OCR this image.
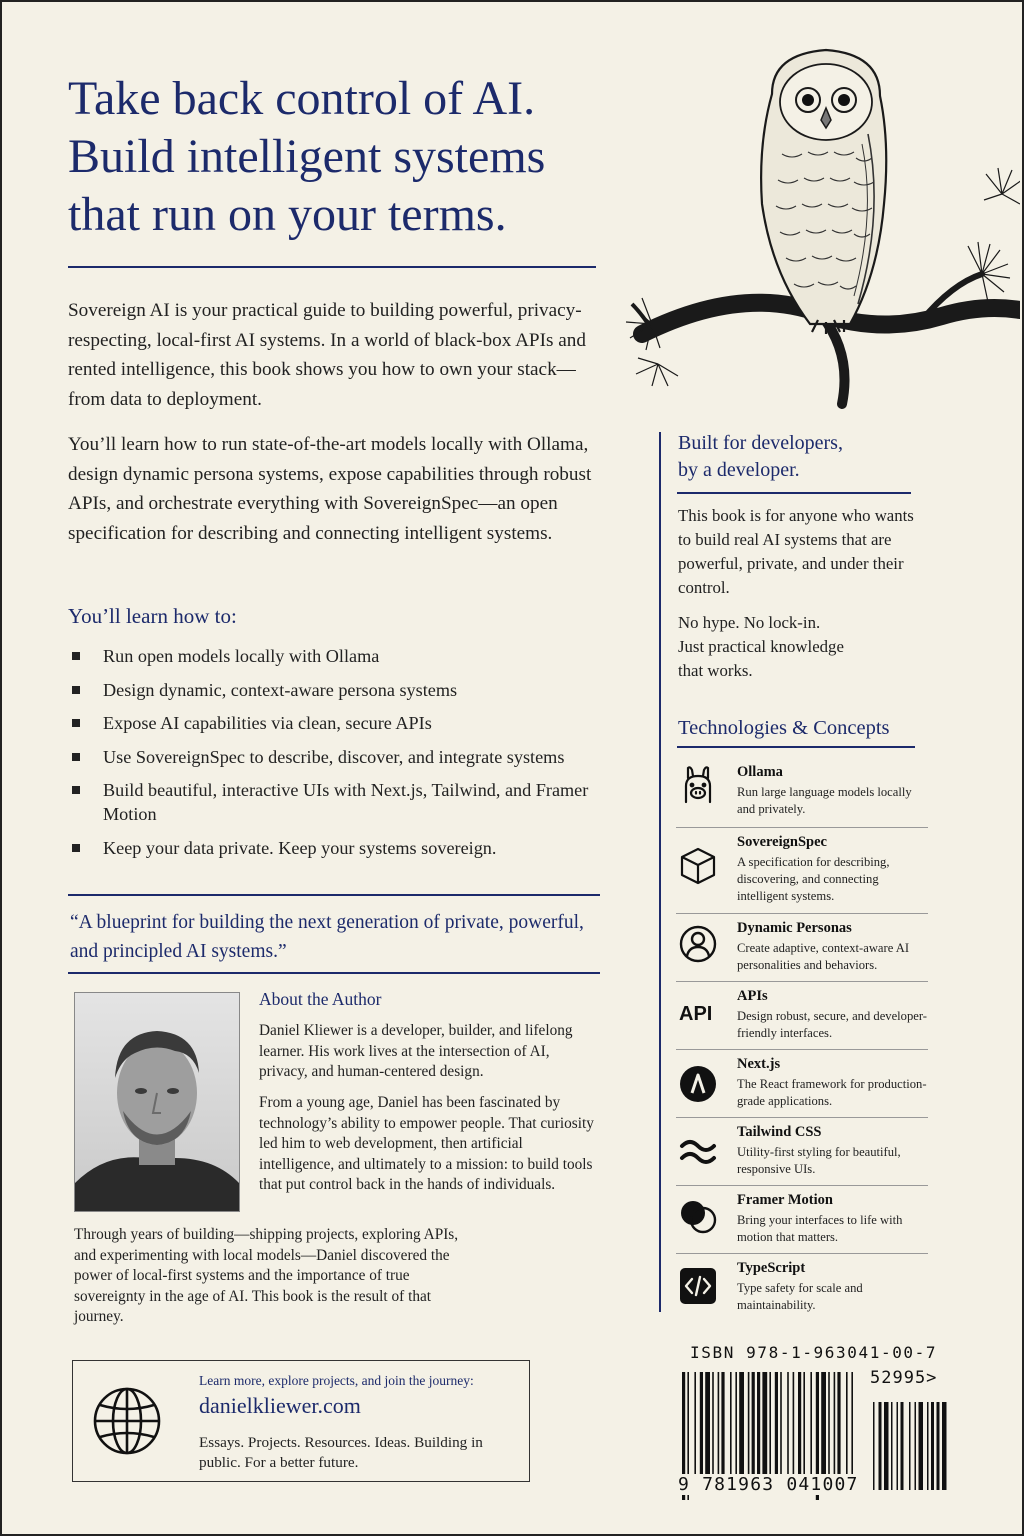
Take back control of AI.
Build intelligent systems
that run on your terms.

Sovereign AI is your practical guide to building powerful, privacy-respecting, local-first AI systems. In a world of black-box APIs and rented intelligence, this book shows you how to own your stack—from data to deployment.

You’ll learn how to run state-of-the-art models locally with Ollama, design dynamic persona systems, expose capabilities through robust APIs, and orchestrate everything with SovereignSpec—an open specification for describing and connecting intelligent systems.

You’ll learn how to:
Run open models locally with Ollama
Design dynamic, context-aware persona systems
Expose AI capabilities via clean, secure APIs
Use SovereignSpec to describe, discover, and integrate systems
Build beautiful, interactive UIs with Next.js, Tailwind, and Framer Motion
Keep your data private. Keep your systems sovereign.

“A blueprint for building the next generation of private, powerful, and principled AI systems.”

About the Author

Daniel Kliewer is a developer, builder, and lifelong learner. His work lives at the intersection of AI, privacy, and human-centered design.

From a young age, Daniel has been fascinated by technology’s ability to empower people. That curiosity led him to web development, then artificial intelligence, and ultimately to a mission: to build tools that put control back in the hands of individuals.

Through years of building—shipping projects, exploring APIs, and experimenting with local models—Daniel discovered the power of local-first systems and the importance of true sovereignty in the age of AI. This book is the result of that journey.

Learn more, explore projects, and join the journey:

danielkliewer.com

Essays. Projects. Resources. Ideas. Building in public. For a better future.

Built for developers,
by a developer.

This book is for anyone who wants to build real AI systems that are powerful, private, and under their control.

No hype. No lock-in.
Just practical knowledge
that works.

Technologies & Concepts

Ollama

Run large language models locally and privately.

SovereignSpec

A specification for describing, discovering, and connecting intelligent systems.

Dynamic Personas

Create adaptive, context-aware AI personalities and behaviors.

API

APIs

Design robust, secure, and developer-friendly interfaces.

Next.js

The React framework for production-grade applications.

Tailwind CSS

Utility-first styling for beautiful, responsive UIs.

Framer Motion

Bring your interfaces to life with motion that matters.

TypeScript

Type safety for scale and maintainability.

ISBN 978-1-963041-00-7

52995>

9 781963 041007
